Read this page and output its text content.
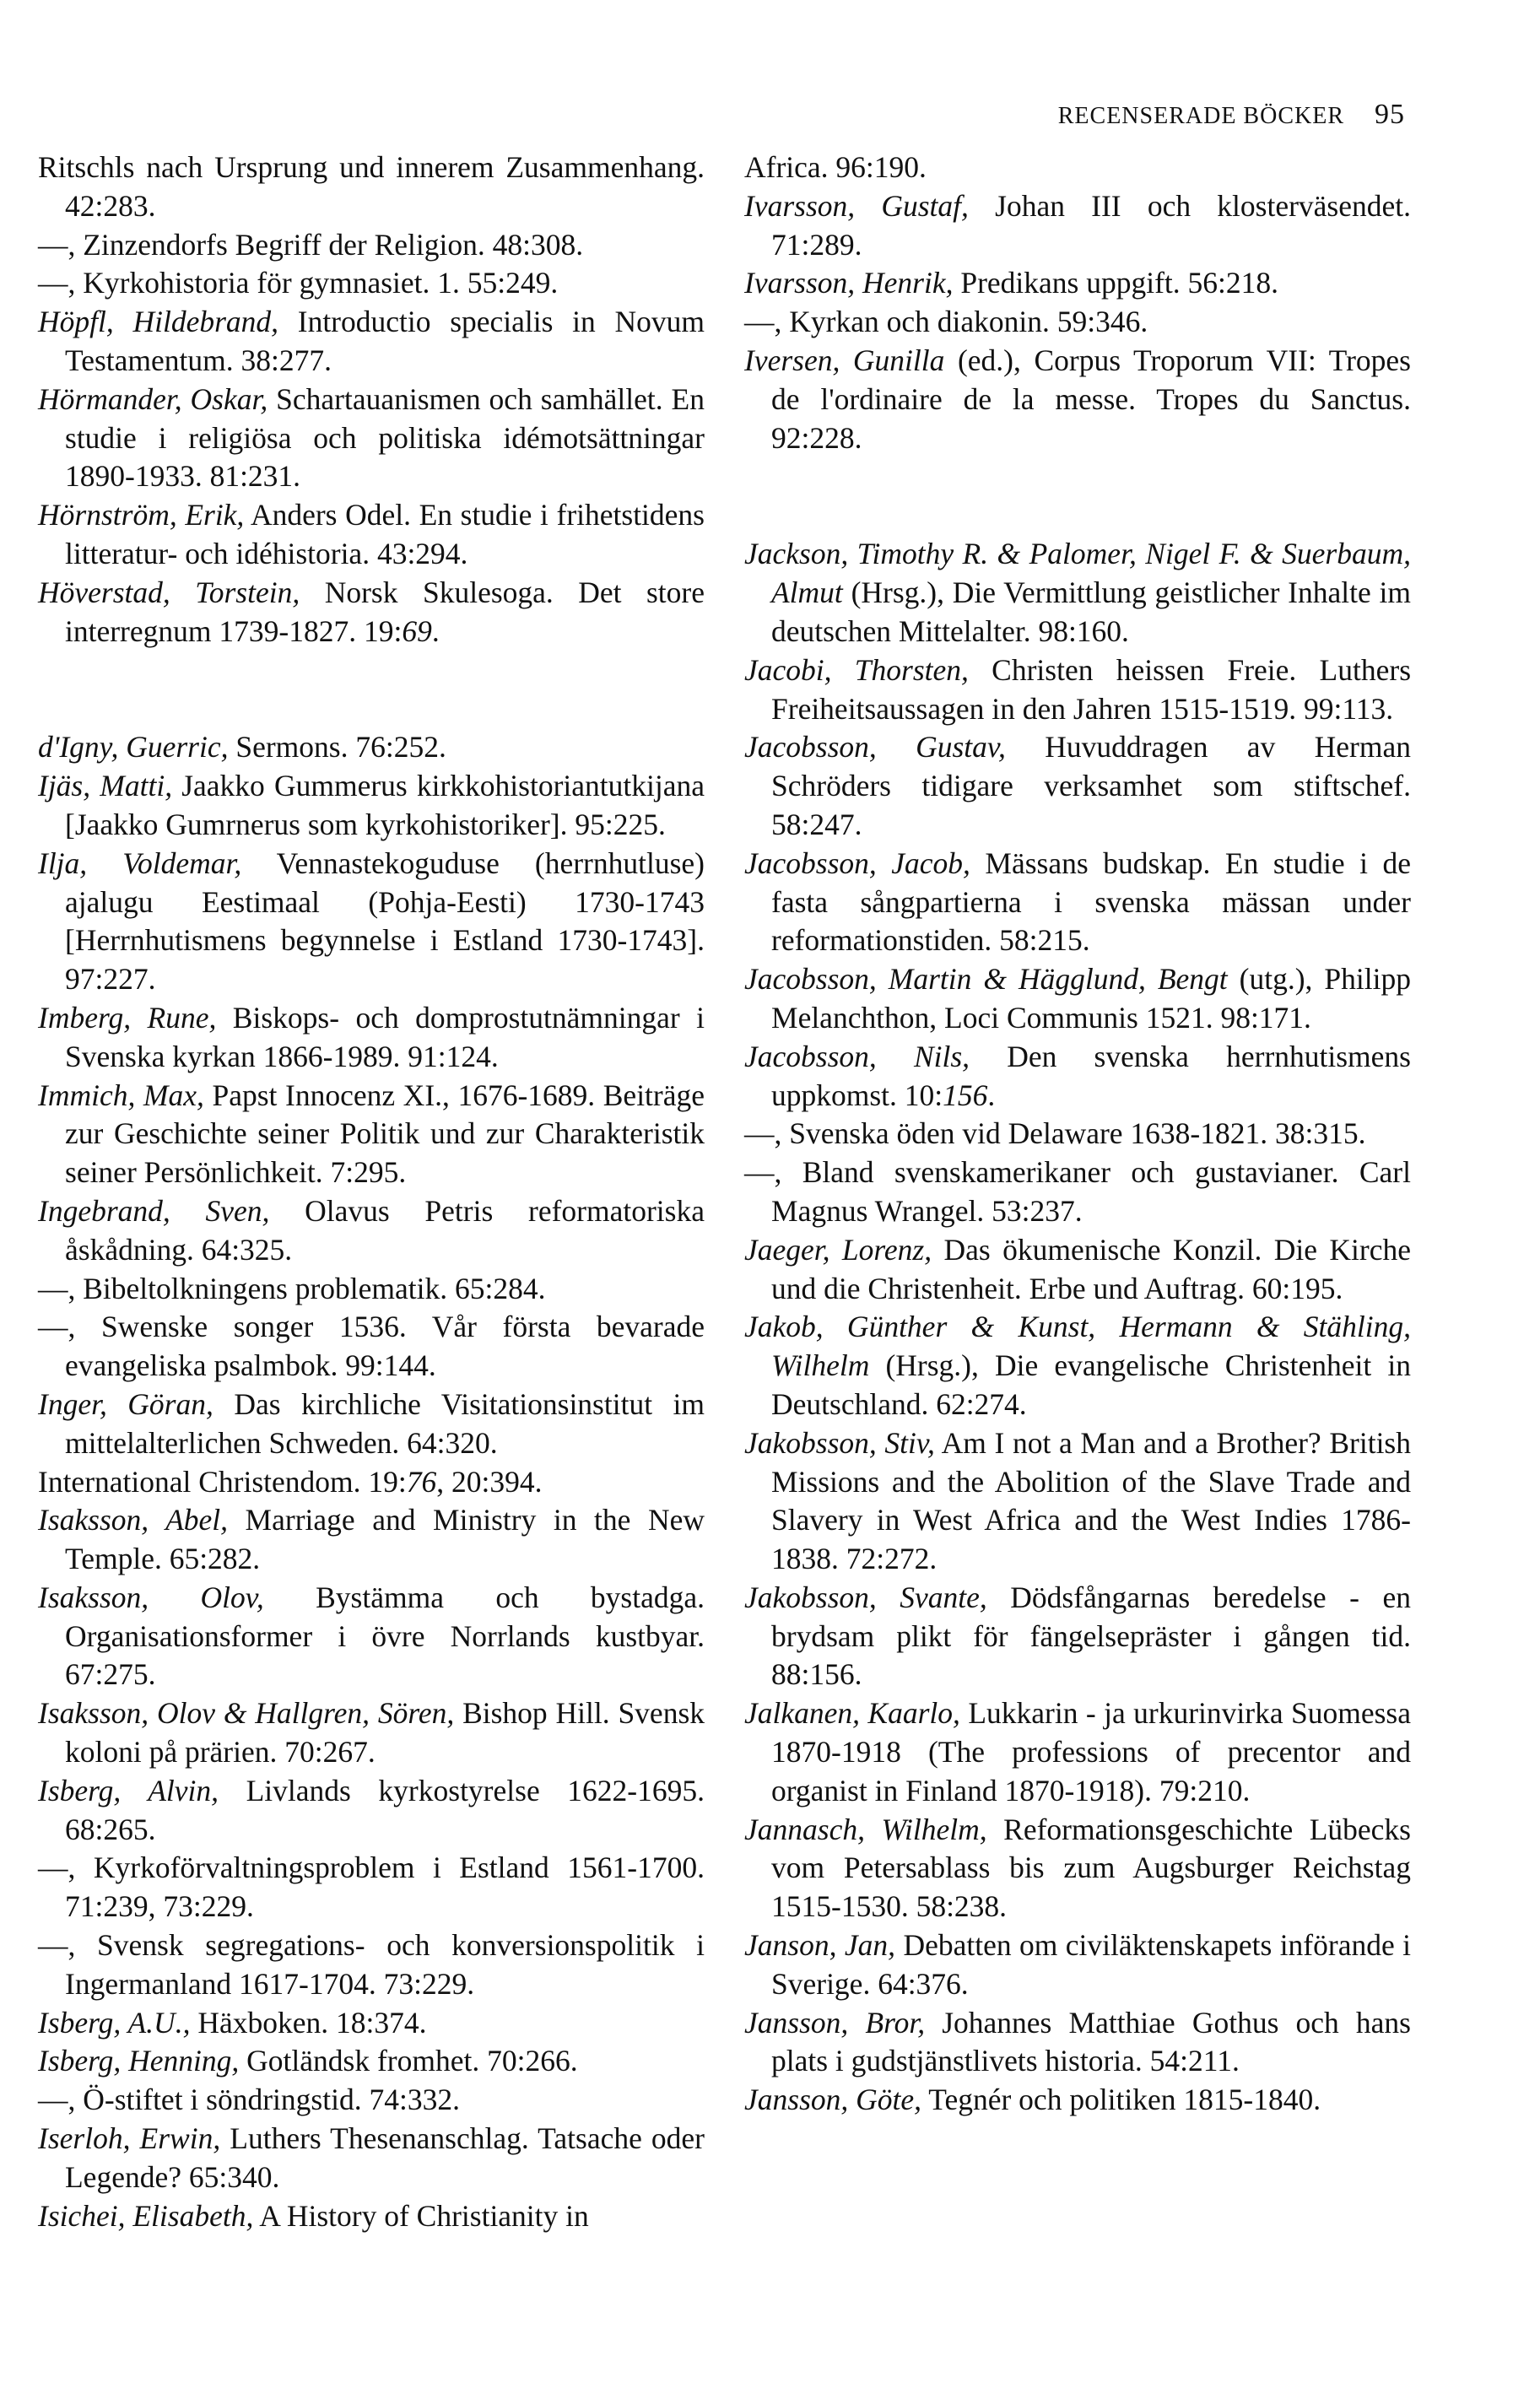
RECENSERADE BÖCKER 95
Ritschls nach Ursprung und innerem Zusammenhang. 42:283.
—, Zinzendorfs Begriff der Religion. 48:308.
—, Kyrkohistoria för gymnasiet. 1. 55:249.
Höpfl, Hildebrand, Introductio specialis in Novum Testamentum. 38:277.
Hörmander, Oskar, Schartauanismen och samhället. En studie i religiösa och politiska idémotsättningar 1890-1933. 81:231.
Hörnström, Erik, Anders Odel. En studie i frihetstidens litteratur- och idéhistoria. 43:294.
Höverstad, Torstein, Norsk Skulesoga. Det store interregnum 1739-1827. 19:69.
d'Igny, Guerric, Sermons. 76:252.
Ijäs, Matti, Jaakko Gummerus kirkkohistoriantutkijana [Jaakko Gumrnerus som kyrkohistoriker]. 95:225.
Ilja, Voldemar, Vennastekoguduse (herrnhutluse) ajalugu Eestimaal (Pohja-Eesti) 1730-1743 [Herrnhutismens begynnelse i Estland 1730-1743]. 97:227.
Imberg, Rune, Biskops- och domprostutnämningar i Svenska kyrkan 1866-1989. 91:124.
Immich, Max, Papst Innocenz XI., 1676-1689. Beiträge zur Geschichte seiner Politik und zur Charakteristik seiner Persönlichkeit. 7:295.
Ingebrand, Sven, Olavus Petris reformatoriska åskådning. 64:325.
—, Bibeltolkningens problematik. 65:284.
—, Swenske songer 1536. Vår första bevarade evangeliska psalmbok. 99:144.
Inger, Göran, Das kirchliche Visitationsinstitut im mittelalterlichen Schweden. 64:320.
International Christendom. 19:76, 20:394.
Isaksson, Abel, Marriage and Ministry in the New Temple. 65:282.
Isaksson, Olov, Bystämma och bystadga. Organisationsformer i övre Norrlands kustbyar. 67:275.
Isaksson, Olov & Hallgren, Sören, Bishop Hill. Svensk koloni på prärien. 70:267.
Isberg, Alvin, Livlands kyrkostyrelse 1622-1695. 68:265.
—, Kyrkoförvaltningsproblem i Estland 1561-1700. 71:239, 73:229.
—, Svensk segregations- och konversionspolitik i Ingermanland 1617-1704. 73:229.
Isberg, A.U., Häxboken. 18:374.
Isberg, Henning, Gotländsk fromhet. 70:266.
—, Ö-stiftet i söndringstid. 74:332.
Iserloh, Erwin, Luthers Thesenanschlag. Tatsache oder Legende? 65:340.
Isichei, Elisabeth, A History of Christianity in
Africa. 96:190.
Ivarsson, Gustaf, Johan III och klosterväsendet. 71:289.
Ivarsson, Henrik, Predikans uppgift. 56:218.
—, Kyrkan och diakonin. 59:346.
Iversen, Gunilla (ed.), Corpus Troporum VII: Tropes de l'ordinaire de la messe. Tropes du Sanctus. 92:228.
Jackson, Timothy R. & Palomer, Nigel F. & Suerbaum, Almut (Hrsg.), Die Vermittlung geistlicher Inhalte im deutschen Mittelalter. 98:160.
Jacobi, Thorsten, Christen heissen Freie. Luthers Freiheitsaussagen in den Jahren 1515-1519. 99:113.
Jacobsson, Gustav, Huvuddragen av Herman Schröders tidigare verksamhet som stiftschef. 58:247.
Jacobsson, Jacob, Mässans budskap. En studie i de fasta sångpartierna i svenska mässan under reformationstiden. 58:215.
Jacobsson, Martin & Hägglund, Bengt (utg.), Philipp Melanchthon, Loci Communis 1521. 98:171.
Jacobsson, Nils, Den svenska herrnhutismens uppkomst. 10:156.
—, Svenska öden vid Delaware 1638-1821. 38:315.
—, Bland svenskamerikaner och gustavianer. Carl Magnus Wrangel. 53:237.
Jaeger, Lorenz, Das ökumenische Konzil. Die Kirche und die Christenheit. Erbe und Auftrag. 60:195.
Jakob, Günther & Kunst, Hermann & Stähling, Wilhelm (Hrsg.), Die evangelische Christenheit in Deutschland. 62:274.
Jakobsson, Stiv, Am I not a Man and a Brother? British Missions and the Abolition of the Slave Trade and Slavery in West Africa and the West Indies 1786-1838. 72:272.
Jakobsson, Svante, Dödsfångarnas beredelse - en brydsam plikt för fängelsepräster i gången tid. 88:156.
Jalkanen, Kaarlo, Lukkarin - ja urkurinvirka Suomessa 1870-1918 (The professions of precentor and organist in Finland 1870-1918). 79:210.
Jannasch, Wilhelm, Reformationsgeschichte Lübecks vom Petersablass bis zum Augsburger Reichstag 1515-1530. 58:238.
Janson, Jan, Debatten om civiläktenskapets införande i Sverige. 64:376.
Jansson, Bror, Johannes Matthiae Gothus och hans plats i gudstjänstlivets historia. 54:211.
Jansson, Göte, Tegnér och politiken 1815-1840.
